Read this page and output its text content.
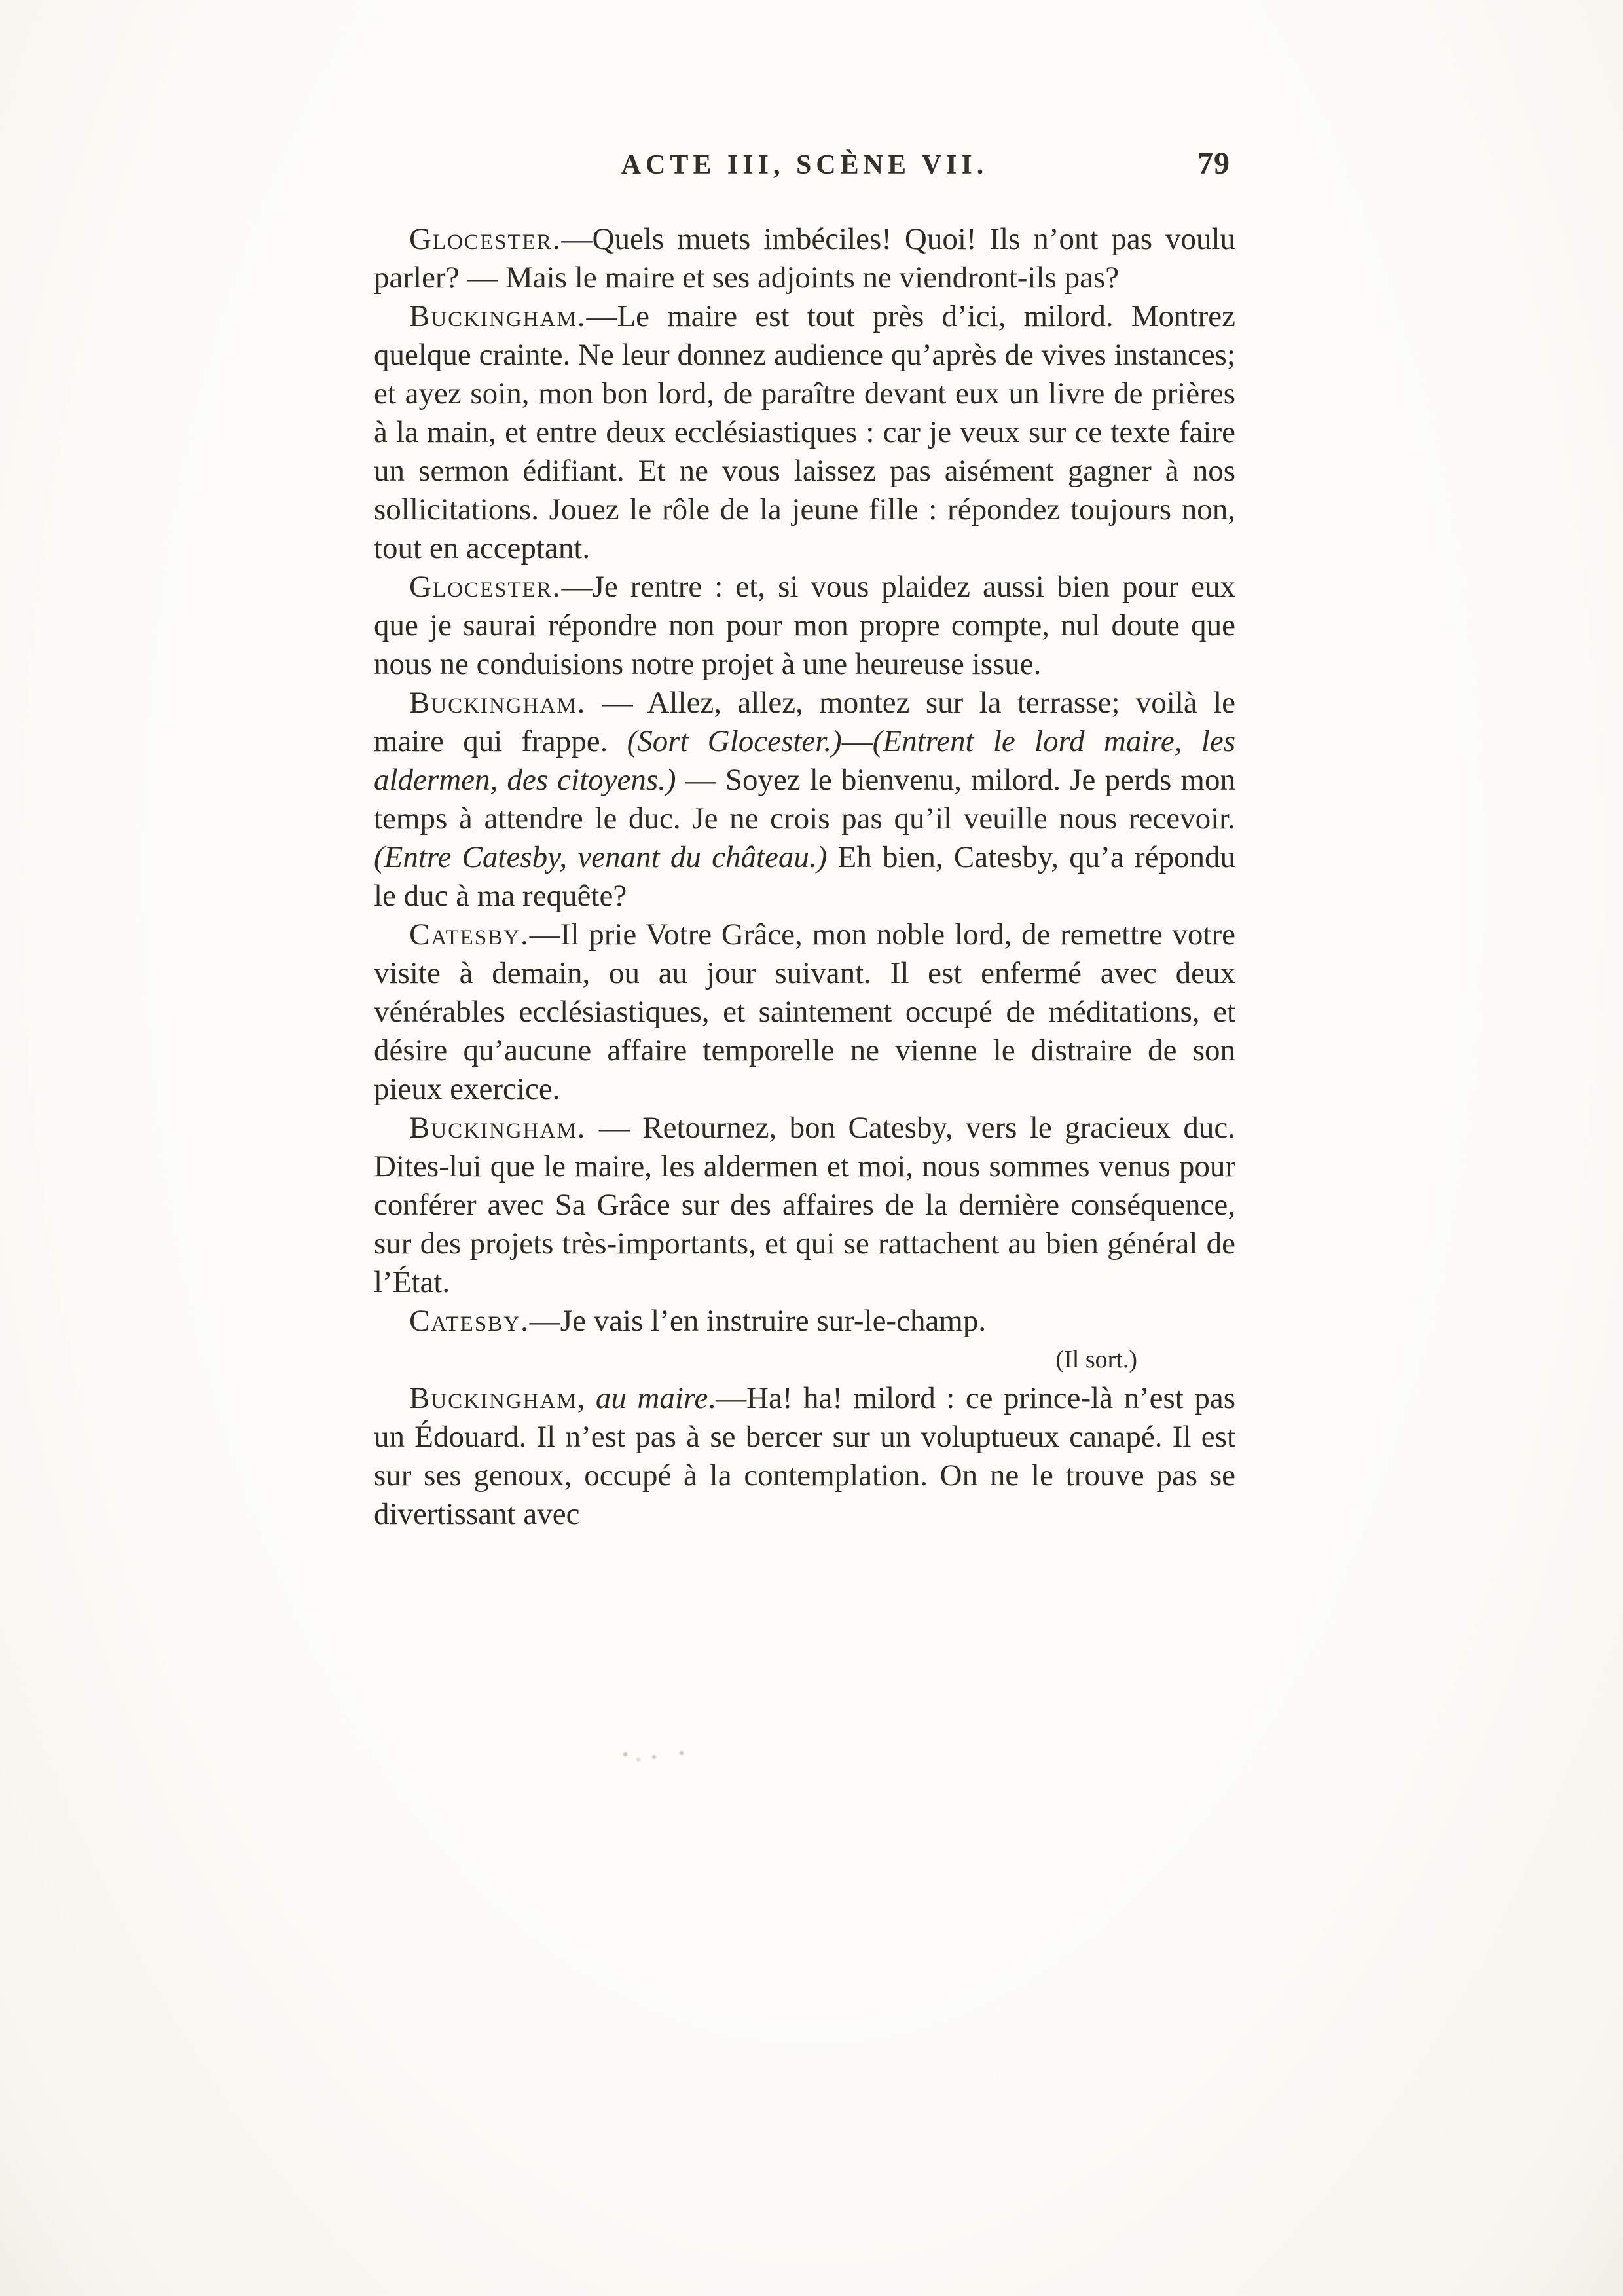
ACTE III, SCÈNE VII.	79

Glocester.—Quels muets imbéciles! Quoi! Ils n’ont pas voulu parler? — Mais le maire et ses adjoints ne viendront-ils pas?

Buckingham.—Le maire est tout près d’ici, milord. Montrez quelque crainte. Ne leur donnez audience qu’après de vives instances; et ayez soin, mon bon lord, de paraître devant eux un livre de prières à la main, et entre deux ecclésiastiques : car je veux sur ce texte faire un sermon édifiant. Et ne vous laissez pas aisément gagner à nos sollicitations. Jouez le rôle de la jeune fille : répondez toujours non, tout en acceptant.

Glocester.—Je rentre : et, si vous plaidez aussi bien pour eux que je saurai répondre non pour mon propre compte, nul doute que nous ne conduisions notre projet à une heureuse issue.

Buckingham. — Allez, allez, montez sur la terrasse; voilà le maire qui frappe. (Sort Glocester.)—(Entrent le lord maire, les aldermen, des citoyens.) — Soyez le bienvenu, milord. Je perds mon temps à attendre le duc. Je ne crois pas qu’il veuille nous recevoir. (Entre Catesby, venant du château.) Eh bien, Catesby, qu’a répondu le duc à ma requête?

Catesby.—Il prie Votre Grâce, mon noble lord, de remettre votre visite à demain, ou au jour suivant. Il est enfermé avec deux vénérables ecclésiastiques, et saintement occupé de méditations, et désire qu’aucune affaire temporelle ne vienne le distraire de son pieux exercice.

Buckingham. — Retournez, bon Catesby, vers le gracieux duc. Dites-lui que le maire, les aldermen et moi, nous sommes venus pour conférer avec Sa Grâce sur des affaires de la dernière conséquence, sur des projets très-importants, et qui se rattachent au bien général de l’État.

Catesby.—Je vais l’en instruire sur-le-champ.

(Il sort.)

Buckingham, au maire.—Ha! ha! milord : ce prince-là n’est pas un Édouard. Il n’est pas à se bercer sur un voluptueux canapé. Il est sur ses genoux, occupé à la contemplation. On ne le trouve pas se divertissant avec
